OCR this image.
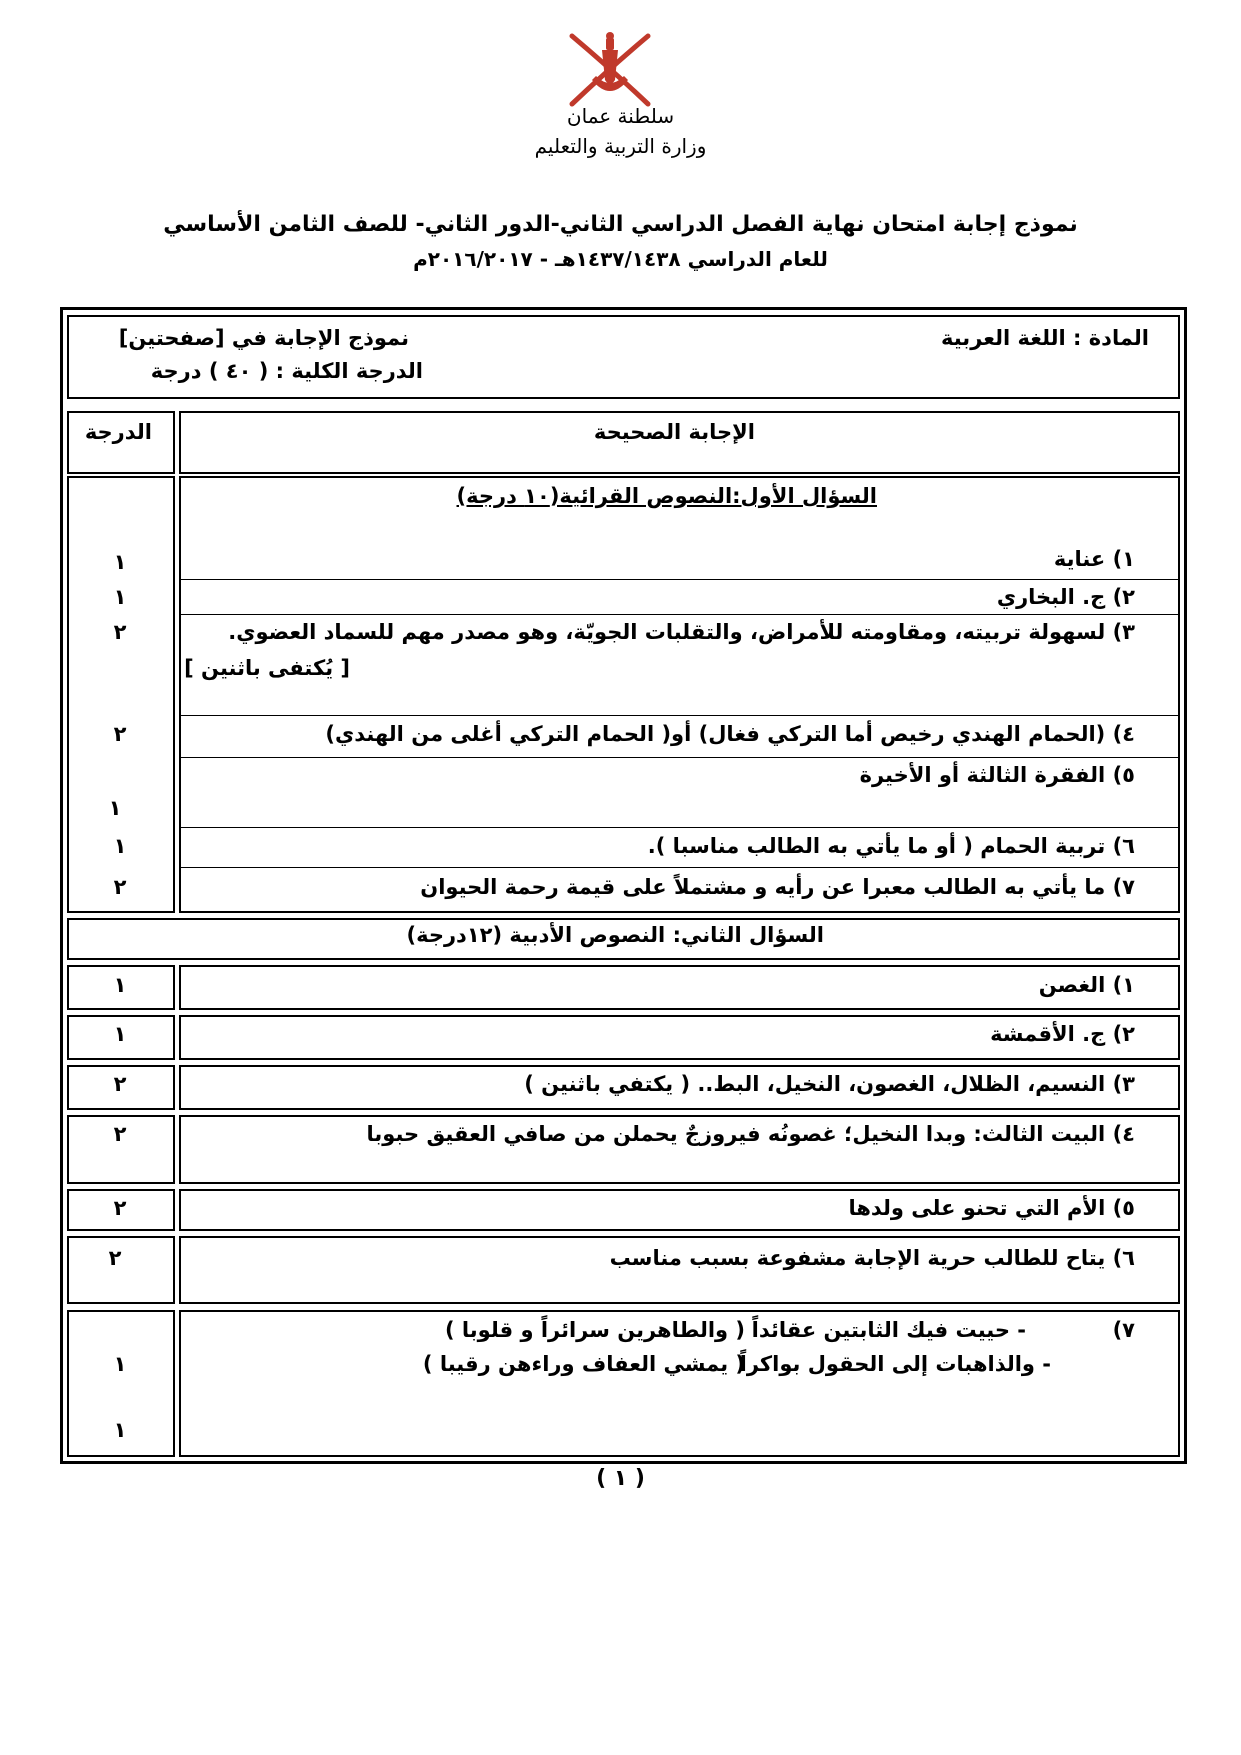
سلطنة عمان
وزارة التربية والتعليم
نموذج إجابة امتحان نهاية الفصل الدراسي الثاني-الدور الثاني- للصف الثامن الأساسي
للعام الدراسي ١٤٣٧/١٤٣٨هـ - ٢٠١٦/٢٠١٧م
المادة : اللغة العربية
نموذج الإجابة في [صفحتين]
الدرجة الكلية : ( ٤٠ ) درجة
الدرجة	الإجابة الصحيحة
السؤال الأول:النصوص القرائية(١٠ درجة)
١) عناية
١
٢) ج. البخاري
١
٣) لسهولة تربيته، ومقاومته للأمراض، والتقلبات الجويّة، وهو مصدر مهم للسماد العضوي.
[ يُكتفى باثنين ]
٢
٤) (الحمام الهندي رخيص أما التركي فغال) أو( الحمام التركي أغلى من الهندي)
٢
٥) الفقرة الثالثة أو الأخيرة
١
٦) تربية الحمام ( أو ما يأتي به الطالب مناسبا ).
١
٧) ما يأتي به الطالب معبرا عن رأيه و مشتملاً على قيمة رحمة الحيوان
٢
السؤال الثاني: النصوص الأدبية (١٢درجة)
١) الغصن
١
٢) ج. الأقمشة
١
٣) النسيم، الظلال، الغصون، النخيل، البط.. ( يكتفي باثنين )
٢
٤) البيت الثالث: وبدا النخيل؛ غصونُه فيروزجٌ يحملن من صافي العقيق حبوبا
٢
٥) الأم التي تحنو على ولدها
٢
٦) يتاح للطالب حرية الإجابة مشفوعة بسبب مناسب
٢
٧)
- حييت فيك الثابتين عقائداً
( والطاهرين سرائراً و قلوبا )
- والذاهبات إلى الحقول بواكراً
( يمشي العفاف وراءهن رقيبا )
١
١
( ١ )
